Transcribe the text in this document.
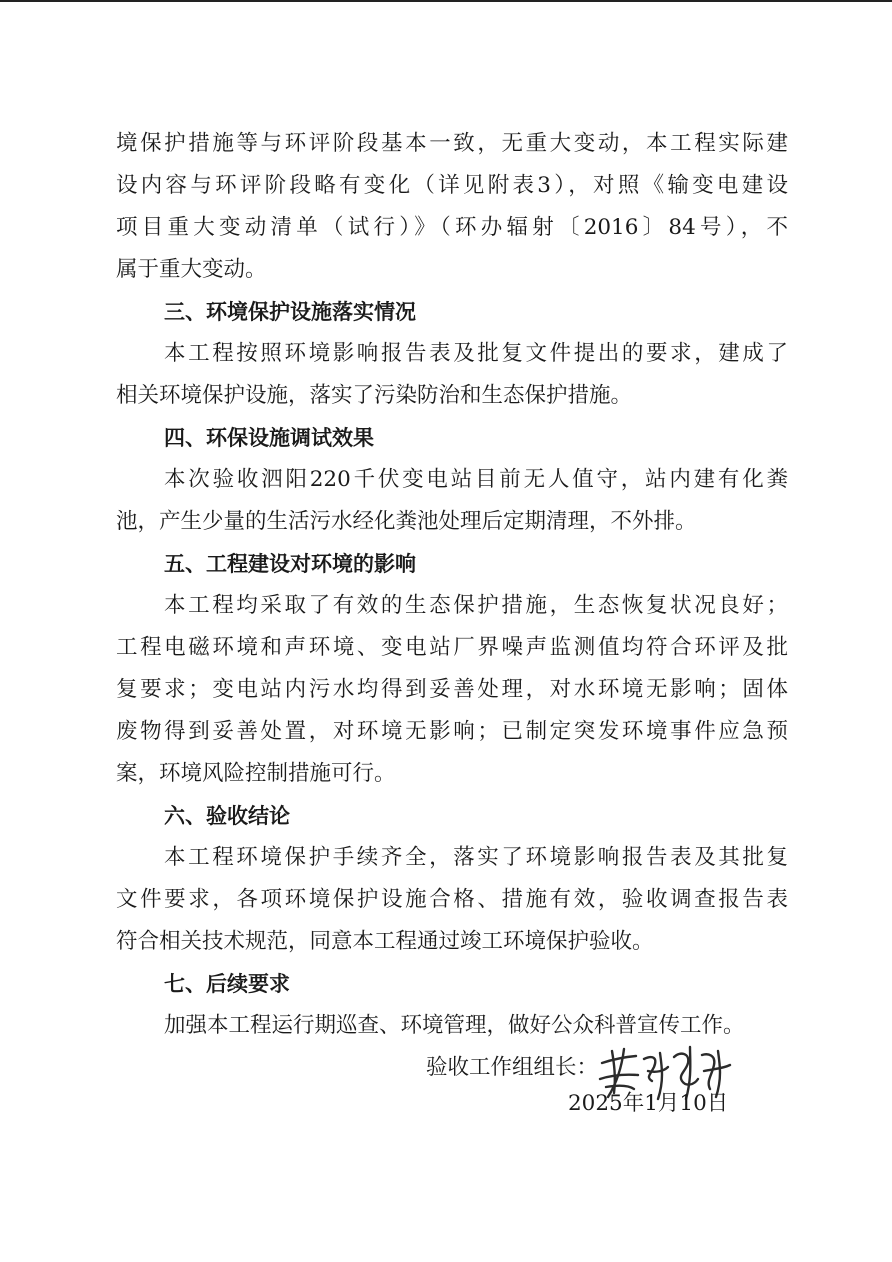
境保护措施等与环评阶段基本一致，无重大变动，本工程实际建
设内容与环评阶段略有变化（详见附表3），对照《输变电建设
项目重大变动清单（试行）》（环办辐射〔2016〕84号），不
属于重大变动。
三、环境保护设施落实情况
本工程按照环境影响报告表及批复文件提出的要求，建成了
相关环境保护设施，落实了污染防治和生态保护措施。
四、环保设施调试效果
本次验收泗阳220千伏变电站目前无人值守，站内建有化粪
池，产生少量的生活污水经化粪池处理后定期清理，不外排。
五、工程建设对环境的影响
本工程均采取了有效的生态保护措施，生态恢复状况良好；
工程电磁环境和声环境、变电站厂界噪声监测值均符合环评及批
复要求；变电站内污水均得到妥善处理，对水环境无影响；固体
废物得到妥善处置，对环境无影响；已制定突发环境事件应急预
案，环境风险控制措施可行。
六、验收结论
本工程环境保护手续齐全，落实了环境影响报告表及其批复
文件要求，各项环境保护设施合格、措施有效，验收调查报告表
符合相关技术规范，同意本工程通过竣工环境保护验收。
七、后续要求
加强本工程运行期巡查、环境管理，做好公众科普宣传工作。
验收工作组组长：
2025年1月10日
